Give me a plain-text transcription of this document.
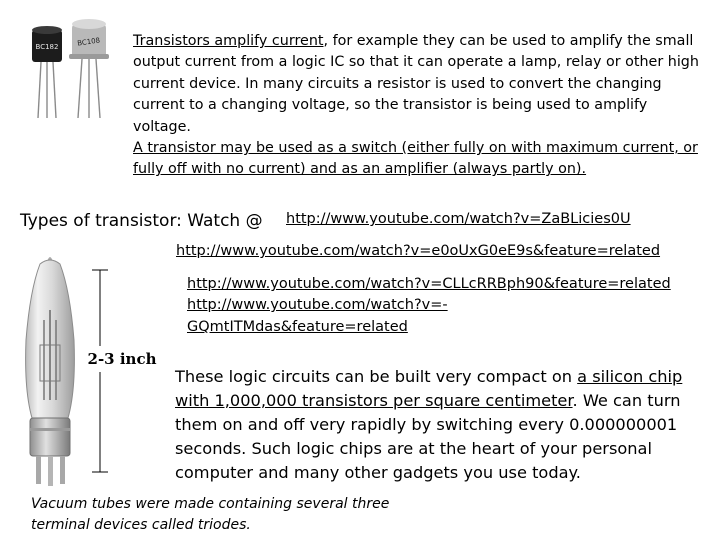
BC182	BC108 Transistors amplify current, for example they can be used to amplify the small output current from a logic IC so that it can operate a lamp, relay or other high current device. In many circuits a resistor is used to convert the changing current to a changing voltage, so the transistor is being used to amplify voltage.

A transistor may be used as a switch (either fully on with maximum current, or fully off with no current) and as an amplifier (always partly on).

Types of transistor: Watch @ http://www.youtube.com/watch?v=ZaBLicies0U
http://www.youtube.com/watch?v=e0oUxG0eE9s&feature=related
http://www.youtube.com/watch?v=CLLcRRBph90&feature=related
http://www.youtube.com/watch?v=-
GQmtITMdas&feature=related
2-3 inch
These logic circuits can be built very compact on a silicon chip with 1,000,000 transistors per square centimeter. We can turn them on and off very rapidly by switching every 0.000000001 seconds. Such logic chips are at the heart of your personal computer and many other gadgets you use today.
Vacuum tubes were made containing several three terminal devices called triodes.
